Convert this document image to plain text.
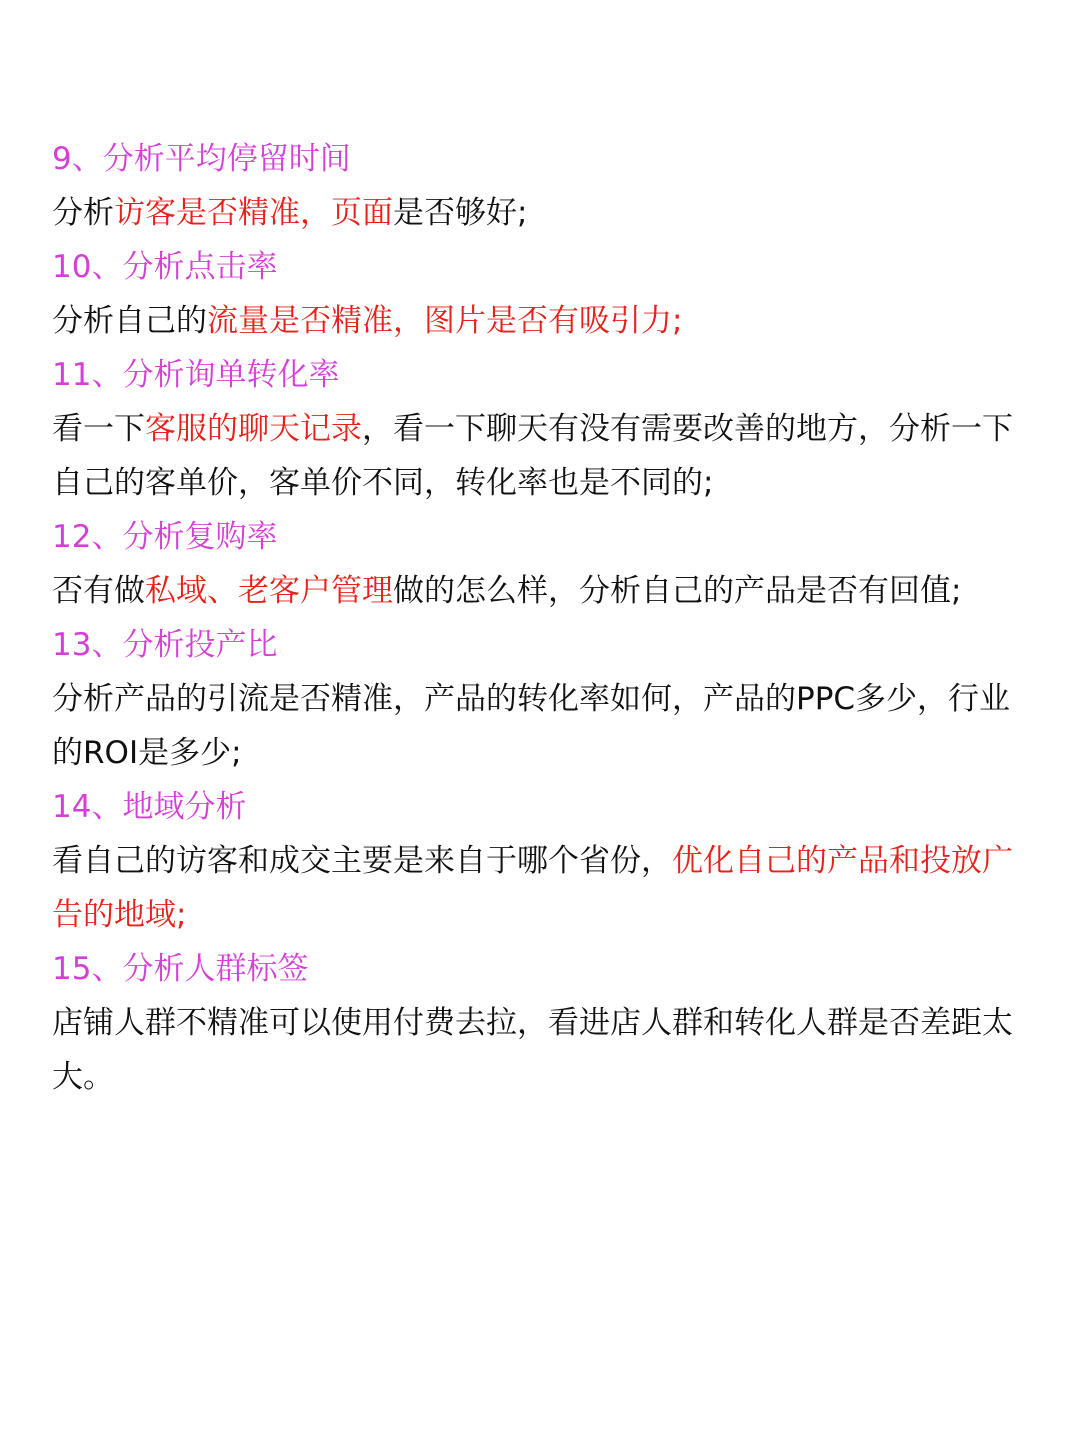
9、分析平均停留时间

分析访客是否精准，页面是否够好;

10、分析点击率

分析自己的流量是否精准，图片是否有吸引力;

11、分析询单转化率

看一下客服的聊天记录，看一下聊天有没有需要改善的地方，分析一下自己的客单价，客单价不同，转化率也是不同的;

12、分析复购率

否有做私域、老客户管理做的怎么样，分析自己的产品是否有回值;

13、分析投产比

分析产品的引流是否精准，产品的转化率如何，产品的PPC多少，行业的ROI是多少;

14、地域分析

看自己的访客和成交主要是来自于哪个省份，优化自己的产品和投放广告的地域;

15、分析人群标签

店铺人群不精准可以使用付费去拉，看进店人群和转化人群是否差距太大。
